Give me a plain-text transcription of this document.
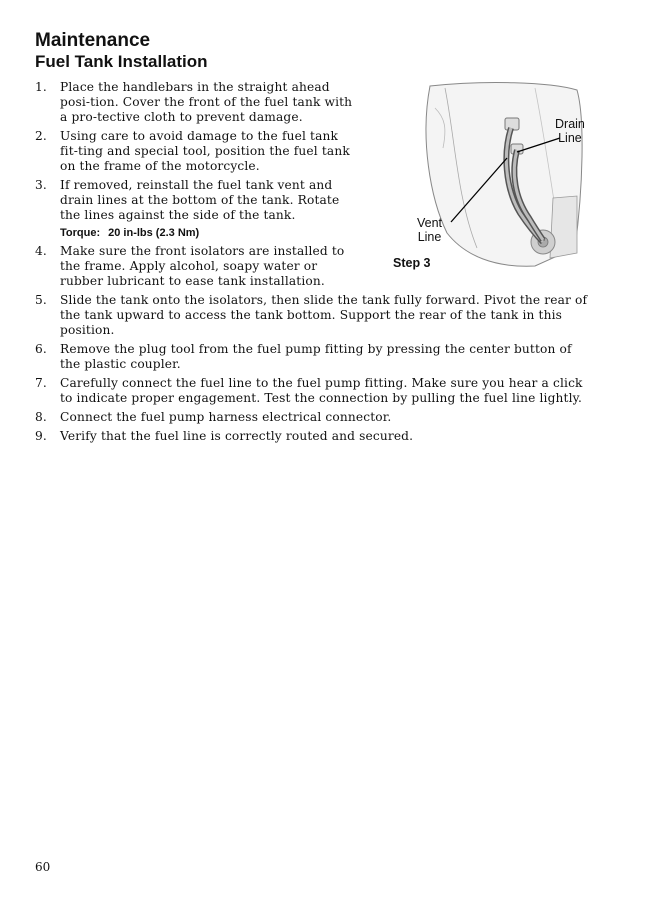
Maintenance
Fuel Tank Installation
1. Place the handlebars in the straight ahead posi-tion. Cover the front of the fuel tank with a pro-tective cloth to prevent damage.
2. Using care to avoid damage to the fuel tank fit-ting and special tool, position the fuel tank on the frame of the motorcycle.
3. If removed, reinstall the fuel tank vent and drain lines at the bottom of the tank. Rotate the lines against the side of the tank.
Torque: 20 in-lbs (2.3 Nm)
4. Make sure the front isolators are installed to the frame. Apply alcohol, soapy water or rubber lubricant to ease tank installation.
5. Slide the tank onto the isolators, then slide the tank fully forward. Pivot the rear of the tank upward to access the tank bottom. Support the rear of the tank in this position.
6. Remove the plug tool from the fuel pump fitting by pressing the center button of the plastic coupler.
7. Carefully connect the fuel line to the fuel pump fitting. Make sure you hear a click to indicate proper engagement. Test the connection by pulling the fuel line lightly.
8. Connect the fuel pump harness electrical connector.
9. Verify that the fuel line is correctly routed and secured.
Drain
Line
Vent
Line
Step 3
60
